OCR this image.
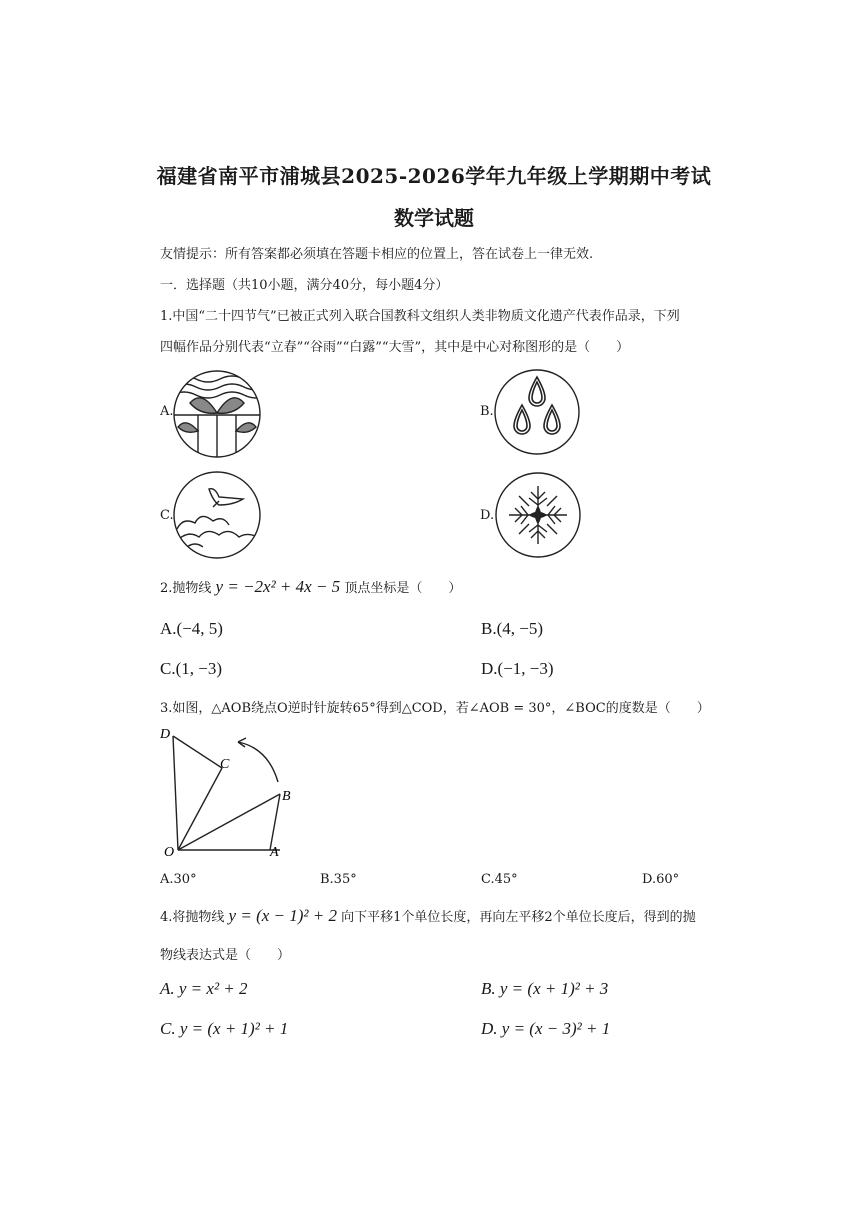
福建省南平市浦城县2025-2026学年九年级上学期期中考试
数学试题
友情提示：所有答案都必须填在答题卡相应的位置上，答在试卷上一律无效.
一．选择题（共10小题，满分40分，每小题4分）
1.中国“二十四节气”已被正式列入联合国教科文组织人类非物质文化遗产代表作品录，下列
四幅作品分别代表“立春”“谷雨”“白露”“大雪”，其中是中心对称图形的是（　　）
A.	B.
C.	D.
2.抛物线 y = −2x² + 4x − 5 顶点坐标是（　　）
A.(−4, 5)	B.(4, −5)
C.(1, −3)	D.(−1, −3)
3.如图，△AOB绕点O逆时针旋转65°得到△COD，若∠AOB = 30°，∠BOC的度数是（　　）
D
C
B
O	A
A.30°	B.35°	C.45°	D.60°
4.将抛物线 y = (x − 1)² + 2 向下平移1个单位长度，再向左平移2个单位长度后，得到的抛
物线表达式是（　　）
A. y = x² + 2	B. y = (x + 1)² + 3
C. y = (x + 1)² + 1	D. y = (x − 3)² + 1
